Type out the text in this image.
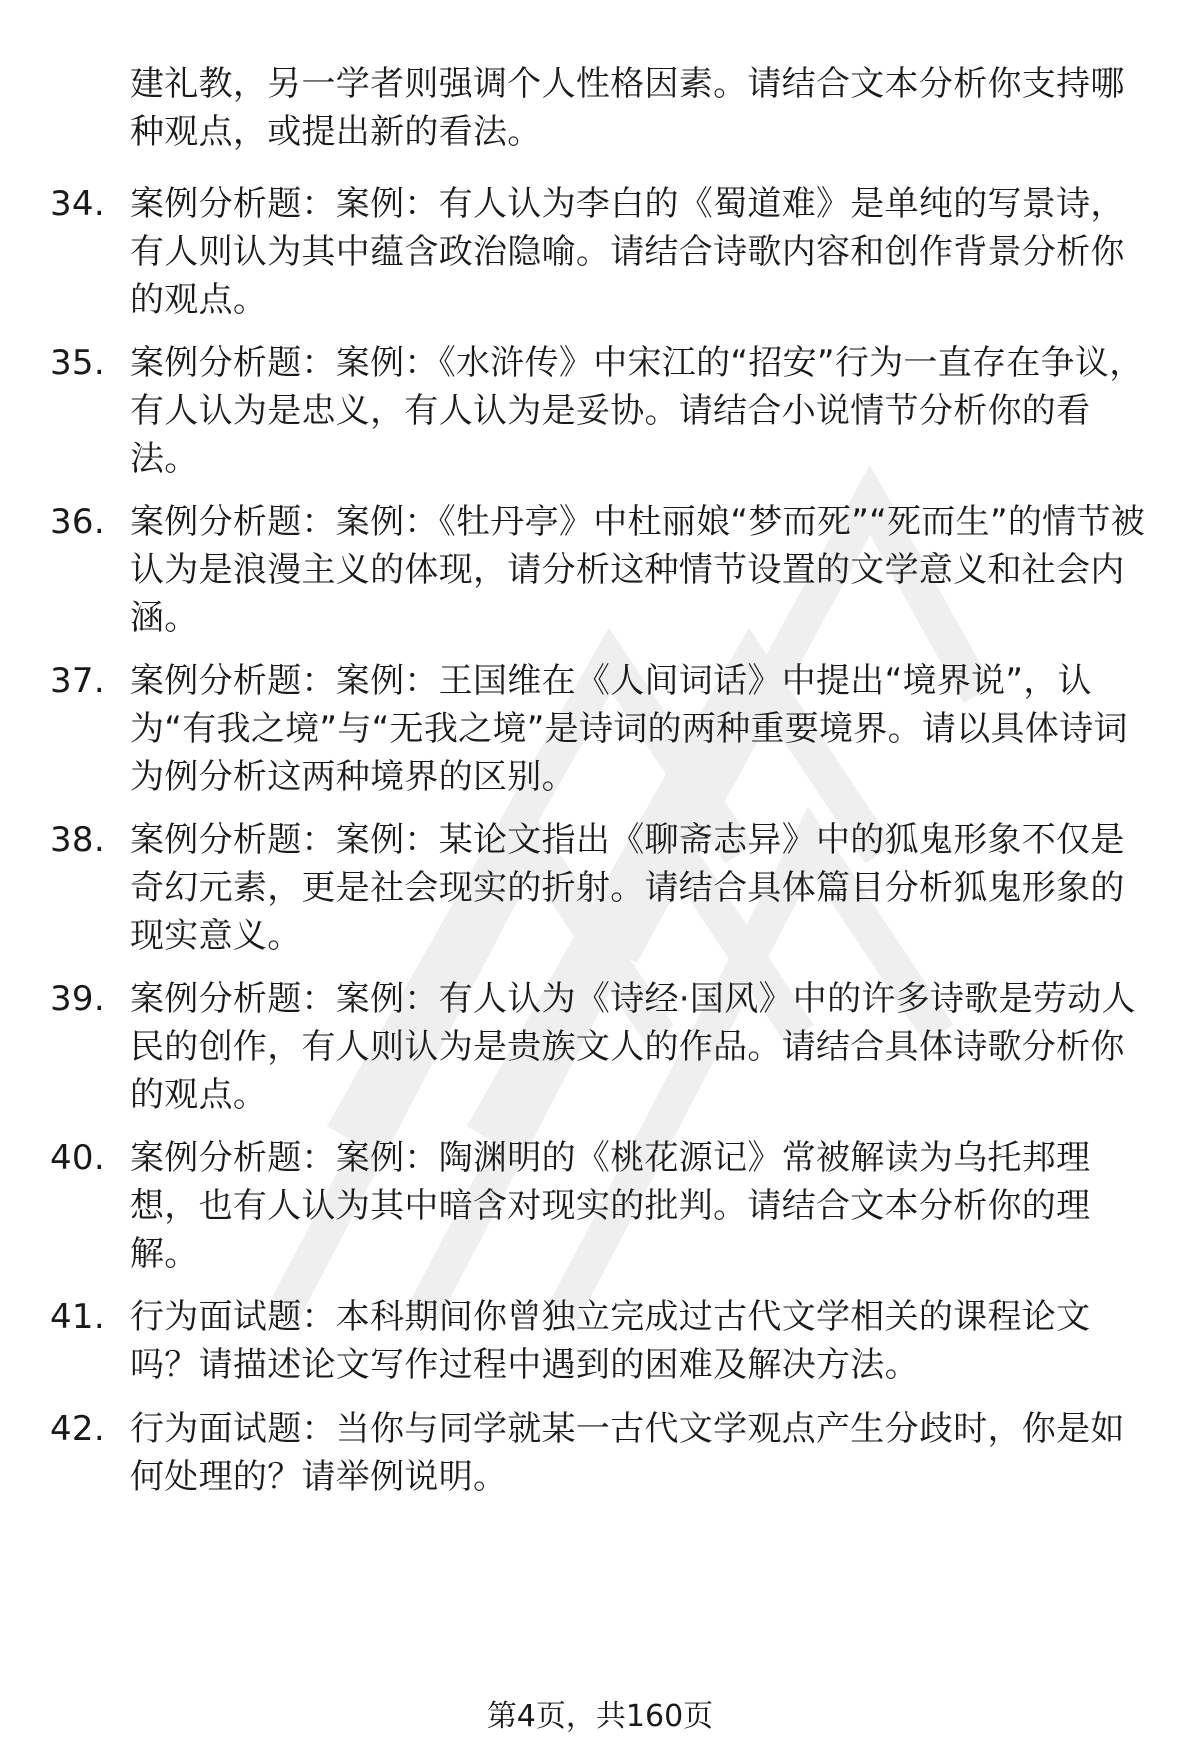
建礼教，另一学者则强调个人性格因素。请结合文本分析你支持哪种观点，或提出新的看法。
34. 案例分析题：案例：有人认为李白的《蜀道难》是单纯的写景诗，有人则认为其中蕴含政治隐喻。请结合诗歌内容和创作背景分析你的观点。
35. 案例分析题：案例：《水浒传》中宋江的“招安”行为一直存在争议，有人认为是忠义，有人认为是妥协。请结合小说情节分析你的看法。
36. 案例分析题：案例：《牡丹亭》中杜丽娘“梦而死”“死而生”的情节被认为是浪漫主义的体现，请分析这种情节设置的文学意义和社会内涵。
37. 案例分析题：案例：王国维在《人间词话》中提出“境界说”，认为“有我之境”与“无我之境”是诗词的两种重要境界。请以具体诗词为例分析这两种境界的区别。
38. 案例分析题：案例：某论文指出《聊斋志异》中的狐鬼形象不仅是奇幻元素，更是社会现实的折射。请结合具体篇目分析狐鬼形象的现实意义。
39. 案例分析题：案例：有人认为《诗经·国风》中的许多诗歌是劳动人民的创作，有人则认为是贵族文人的作品。请结合具体诗歌分析你的观点。
40. 案例分析题：案例：陶渊明的《桃花源记》常被解读为乌托邦理想，也有人认为其中暗含对现实的批判。请结合文本分析你的理解。
41. 行为面试题：本科期间你曾独立完成过古代文学相关的课程论文吗？请描述论文写作过程中遇到的困难及解决方法。
42. 行为面试题：当你与同学就某一古代文学观点产生分歧时，你是如何处理的？请举例说明。
第4页，共160页
